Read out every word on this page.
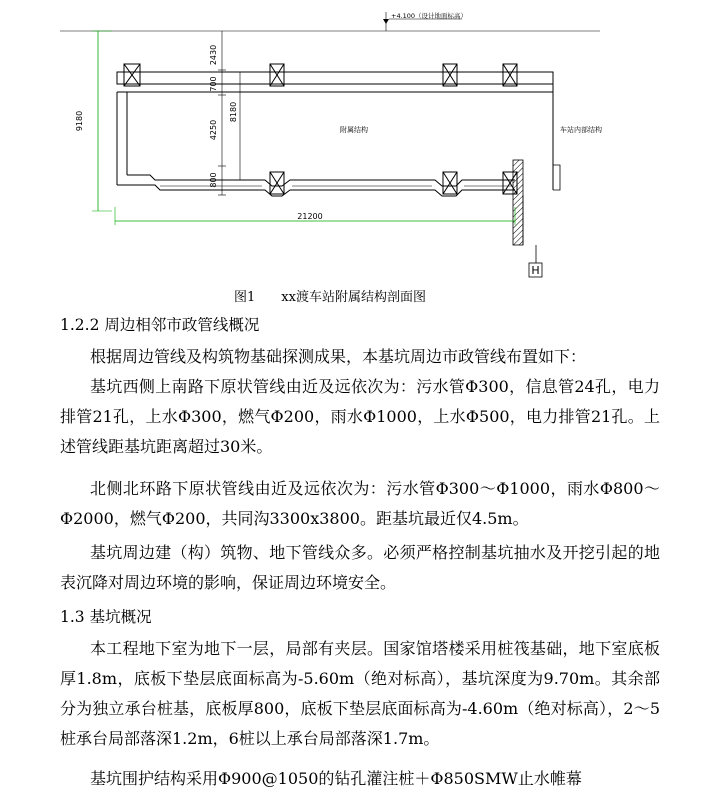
+4.100（设计地面标高）
9180
2430
700
4250
800
8180
附属结构	车站内部结构
21200
H
图1　　xx渡车站附属结构剖面图
1.2.2 周边相邻市政管线概况

根据周边管线及构筑物基础探测成果，本基坑周边市政管线布置如下：

基坑西侧上南路下原状管线由近及远依次为：污水管Φ300，信息管24孔，电力排管21孔，上水Φ300，燃气Φ200，雨水Φ1000，上水Φ500，电力排管21孔。上述管线距基坑距离超过30米。

北侧北环路下原状管线由近及远依次为：污水管Φ300～Φ1000，雨水Φ800～Φ2000，燃气Φ200，共同沟3300x3800。距基坑最近仅4.5m。

基坑周边建（构）筑物、地下管线众多。必须严格控制基坑抽水及开挖引起的地表沉降对周边环境的影响，保证周边环境安全。

1.3 基坑概况

本工程地下室为地下一层，局部有夹层。国家馆塔楼采用桩筏基础，地下室底板厚1.8m，底板下垫层底面标高为-5.60m（绝对标高），基坑深度为9.70m。其余部分为独立承台桩基，底板厚800，底板下垫层底面标高为-4.60m（绝对标高），2～5桩承台局部落深1.2m，6桩以上承台局部落深1.7m。

基坑围护结构采用Φ900@1050的钻孔灌注桩＋Φ850SMW止水帷幕
